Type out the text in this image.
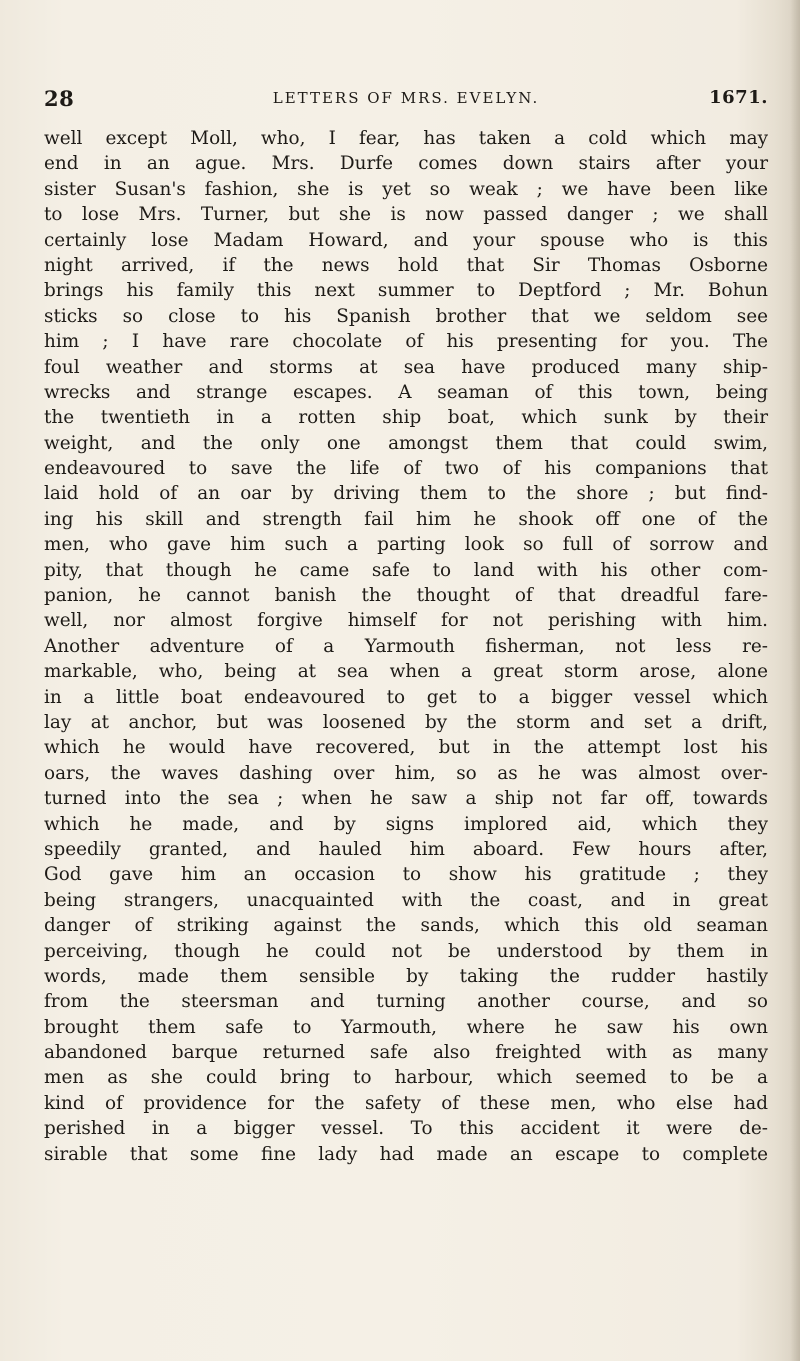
28	LETTERS OF MRS. EVELYN.	1671.
well except Moll, who, I fear, has taken a cold which may
end in an ague. Mrs. Durfe comes down stairs after your
sister Susan's fashion, she is yet so weak ; we have been like
to lose Mrs. Turner, but she is now passed danger ; we shall
certainly lose Madam Howard, and your spouse who is this
night arrived, if the news hold that Sir Thomas Osborne
brings his family this next summer to Deptford ; Mr. Bohun
sticks so close to his Spanish brother that we seldom see
him ; I have rare chocolate of his presenting for you. The
foul weather and storms at sea have produced many ship-
wrecks and strange escapes. A seaman of this town, being
the twentieth in a rotten ship boat, which sunk by their
weight, and the only one amongst them that could swim,
endeavoured to save the life of two of his companions that
laid hold of an oar by driving them to the shore ; but find-
ing his skill and strength fail him he shook off one of the
men, who gave him such a parting look so full of sorrow and
pity, that though he came safe to land with his other com-
panion, he cannot banish the thought of that dreadful fare-
well, nor almost forgive himself for not perishing with him.
Another adventure of a Yarmouth fisherman, not less re-
markable, who, being at sea when a great storm arose, alone
in a little boat endeavoured to get to a bigger vessel which
lay at anchor, but was loosened by the storm and set a drift,
which he would have recovered, but in the attempt lost his
oars, the waves dashing over him, so as he was almost over-
turned into the sea ; when he saw a ship not far off, towards
which he made, and by signs implored aid, which they
speedily granted, and hauled him aboard. Few hours after,
God gave him an occasion to show his gratitude ; they
being strangers, unacquainted with the coast, and in great
danger of striking against the sands, which this old seaman
perceiving, though he could not be understood by them in
words, made them sensible by taking the rudder hastily
from the steersman and turning another course, and so
brought them safe to Yarmouth, where he saw his own
abandoned barque returned safe also freighted with as many
men as she could bring to harbour, which seemed to be a
kind of providence for the safety of these men, who else had
perished in a bigger vessel. To this accident it were de-
sirable that some fine lady had made an escape to complete
